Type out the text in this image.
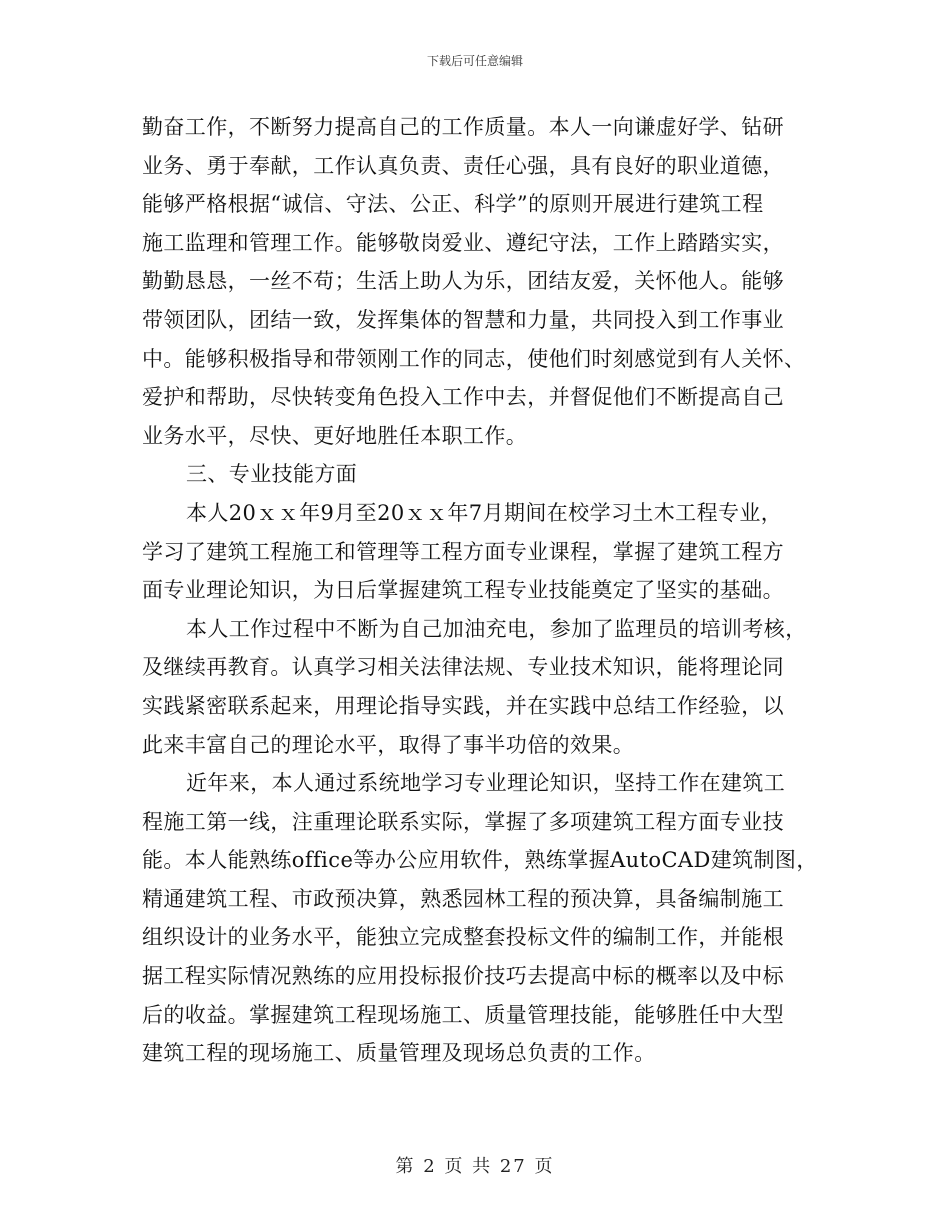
下载后可任意编辑
勤奋工作，不断努力提高自己的工作质量。本人一向谦虚好学、钻研
业务、勇于奉献，工作认真负责、责任心强，具有良好的职业道德，
能够严格根据“诚信、守法、公正、科学”的原则开展进行建筑工程
施工监理和管理工作。能够敬岗爱业、遵纪守法，工作上踏踏实实，
勤勤恳恳，一丝不苟；生活上助人为乐，团结友爱，关怀他人。能够
带领团队，团结一致，发挥集体的智慧和力量，共同投入到工作事业
中。能够积极指导和带领刚工作的同志，使他们时刻感觉到有人关怀、
爱护和帮助，尽快转变角色投入工作中去，并督促他们不断提高自己
业务水平，尽快、更好地胜任本职工作。
三、专业技能方面
本人20ｘｘ年9月至20ｘｘ年7月期间在校学习土木工程专业，
学习了建筑工程施工和管理等工程方面专业课程，掌握了建筑工程方
面专业理论知识，为日后掌握建筑工程专业技能奠定了坚实的基础。
本人工作过程中不断为自己加油充电，参加了监理员的培训考核，
及继续再教育。认真学习相关法律法规、专业技术知识，能将理论同
实践紧密联系起来，用理论指导实践，并在实践中总结工作经验，以
此来丰富自己的理论水平，取得了事半功倍的效果。
近年来，本人通过系统地学习专业理论知识，坚持工作在建筑工
程施工第一线，注重理论联系实际，掌握了多项建筑工程方面专业技
能。本人能熟练office等办公应用软件，熟练掌握AutoCAD建筑制图，
精通建筑工程、市政预决算，熟悉园林工程的预决算，具备编制施工
组织设计的业务水平，能独立完成整套投标文件的编制工作，并能根
据工程实际情况熟练的应用投标报价技巧去提高中标的概率以及中标
后的收益。掌握建筑工程现场施工、质量管理技能，能够胜任中大型
建筑工程的现场施工、质量管理及现场总负责的工作。
第 2 页 共 27 页
